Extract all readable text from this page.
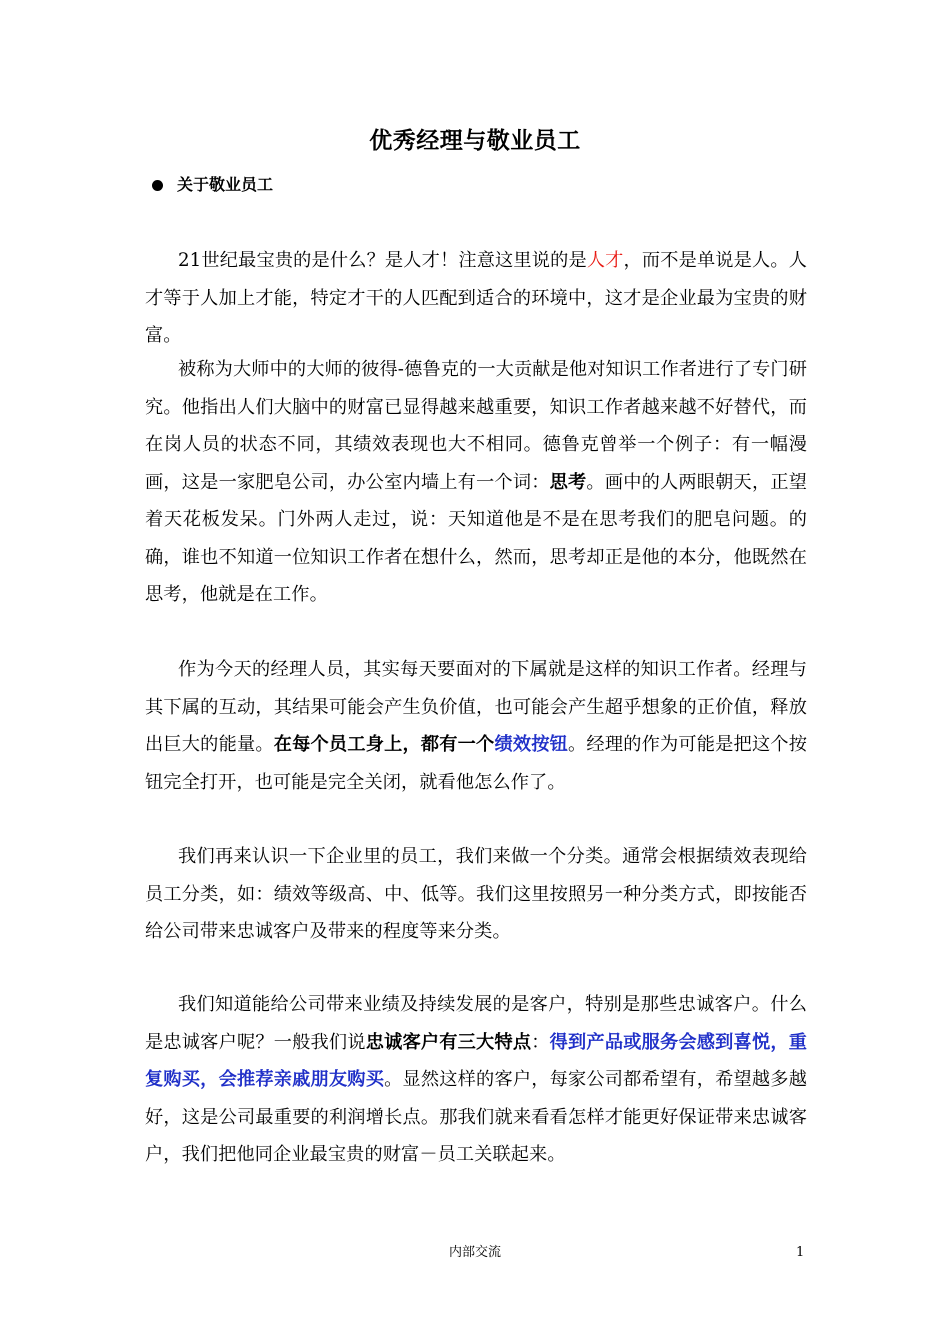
优秀经理与敬业员工
关于敬业员工

21世纪最宝贵的是什么？是人才！注意这里说的是人才，而不是单说是人。人才等于人加上才能，特定才干的人匹配到适合的环境中，这才是企业最为宝贵的财富。

被称为大师中的大师的彼得-德鲁克的一大贡献是他对知识工作者进行了专门研究。他指出人们大脑中的财富已显得越来越重要，知识工作者越来越不好替代，而在岗人员的状态不同，其绩效表现也大不相同。德鲁克曾举一个例子：有一幅漫画，这是一家肥皂公司，办公室内墙上有一个词：思考。画中的人两眼朝天，正望着天花板发呆。门外两人走过，说：天知道他是不是在思考我们的肥皂问题。的确，谁也不知道一位知识工作者在想什么，然而，思考却正是他的本分，他既然在思考，他就是在工作。

作为今天的经理人员，其实每天要面对的下属就是这样的知识工作者。经理与其下属的互动，其结果可能会产生负价值，也可能会产生超乎想象的正价值，释放出巨大的能量。在每个员工身上，都有一个绩效按钮。经理的作为可能是把这个按钮完全打开，也可能是完全关闭，就看他怎么作了。

我们再来认识一下企业里的员工，我们来做一个分类。通常会根据绩效表现给员工分类，如：绩效等级高、中、低等。我们这里按照另一种分类方式，即按能否给公司带来忠诚客户及带来的程度等来分类。

我们知道能给公司带来业绩及持续发展的是客户，特别是那些忠诚客户。什么是忠诚客户呢？一般我们说忠诚客户有三大特点：得到产品或服务会感到喜悦，重复购买，会推荐亲戚朋友购买。显然这样的客户，每家公司都希望有，希望越多越好，这是公司最重要的利润增长点。那我们就来看看怎样才能更好保证带来忠诚客户，我们把他同企业最宝贵的财富－员工关联起来。

内部交流	1
